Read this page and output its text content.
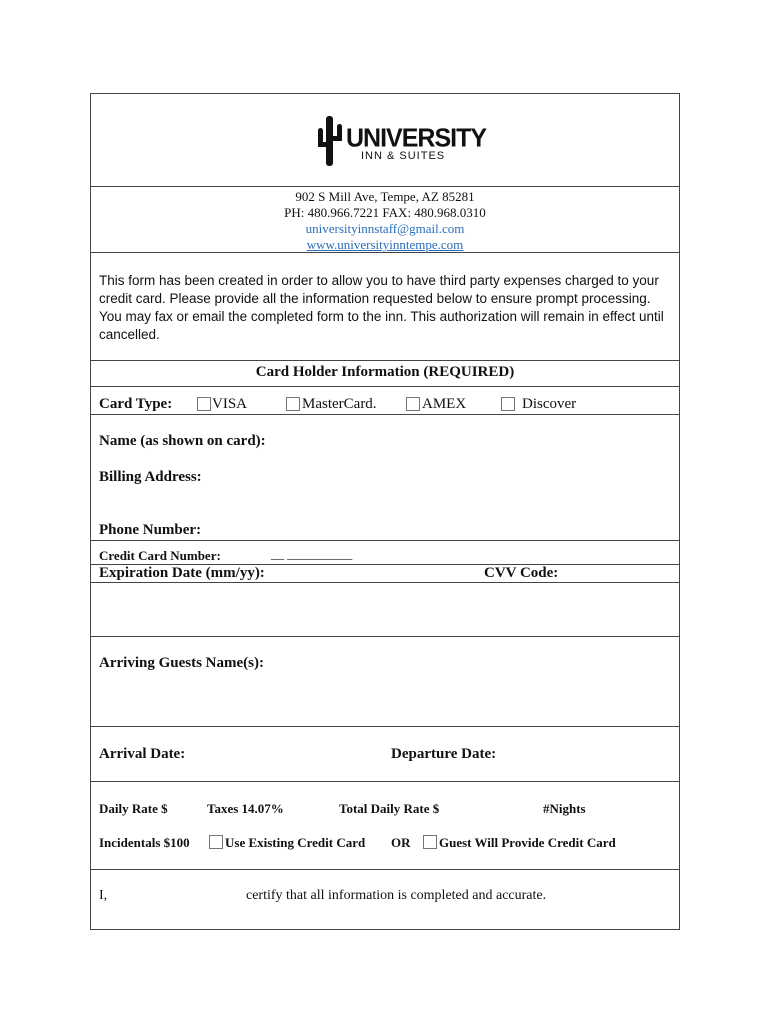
UNIVERSITY
INN & SUITES
902 S Mill Ave, Tempe, AZ 85281
PH: 480.966.7221 FAX: 480.968.0310
universityinnstaff@gmail.com
www.universityinntempe.com
This form has been created in order to allow you to have third party expenses charged to your credit card. Please provide all the information requested below to ensure prompt processing. You may fax or email the completed form to the inn. This authorization will remain in effect until cancelled.
Card Holder Information (REQUIRED)
Card Type:	VISA	MasterCard.	AMEX	Discover
Name (as shown on card):
Billing Address:
Phone Number:
Credit Card Number:	__ __________
Expiration Date (mm/yy):	CVV Code:
Arriving Guests Name(s):
Arrival Date:	Departure Date:
Daily Rate $	Taxes 14.07%	Total Daily Rate $	#Nights
Incidentals $100	Use Existing Credit Card OR Guest Will Provide Credit Card
I,	certify that all information is completed and accurate.
